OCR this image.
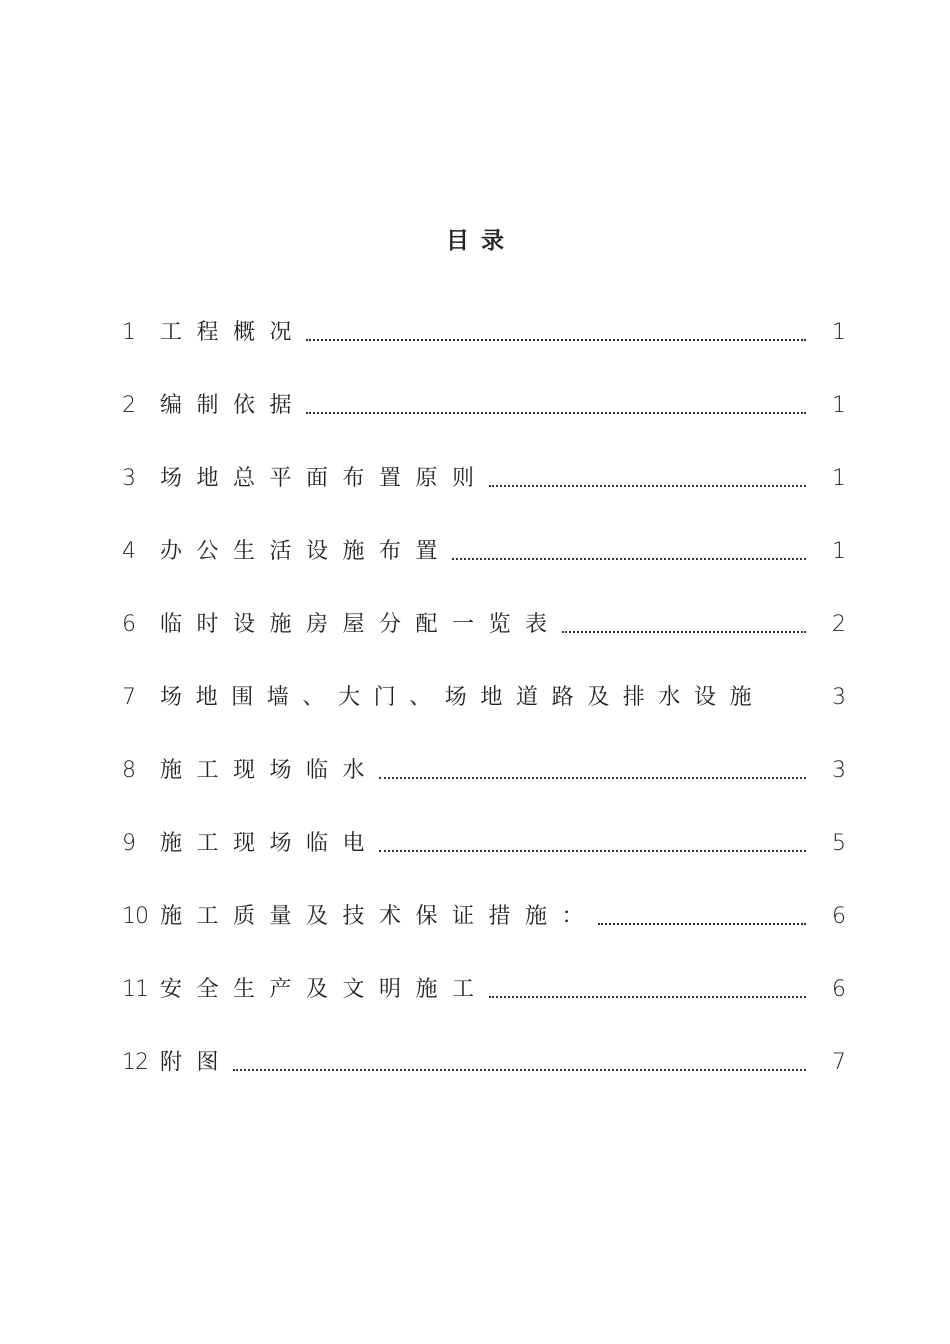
目录
1	工程概况	1
2	编制依据	1
3	场地总平面布置原则	1
4	办公生活设施布置	1
6	临时设施房屋分配一览表	2
7	场地围墙、大门、场地道路及排水设施	3
8	施工现场临水	3
9	施工现场临电	5
10 施工质量及技术保证措施：	6
11 安全生产及文明施工	6
12 附图	7
